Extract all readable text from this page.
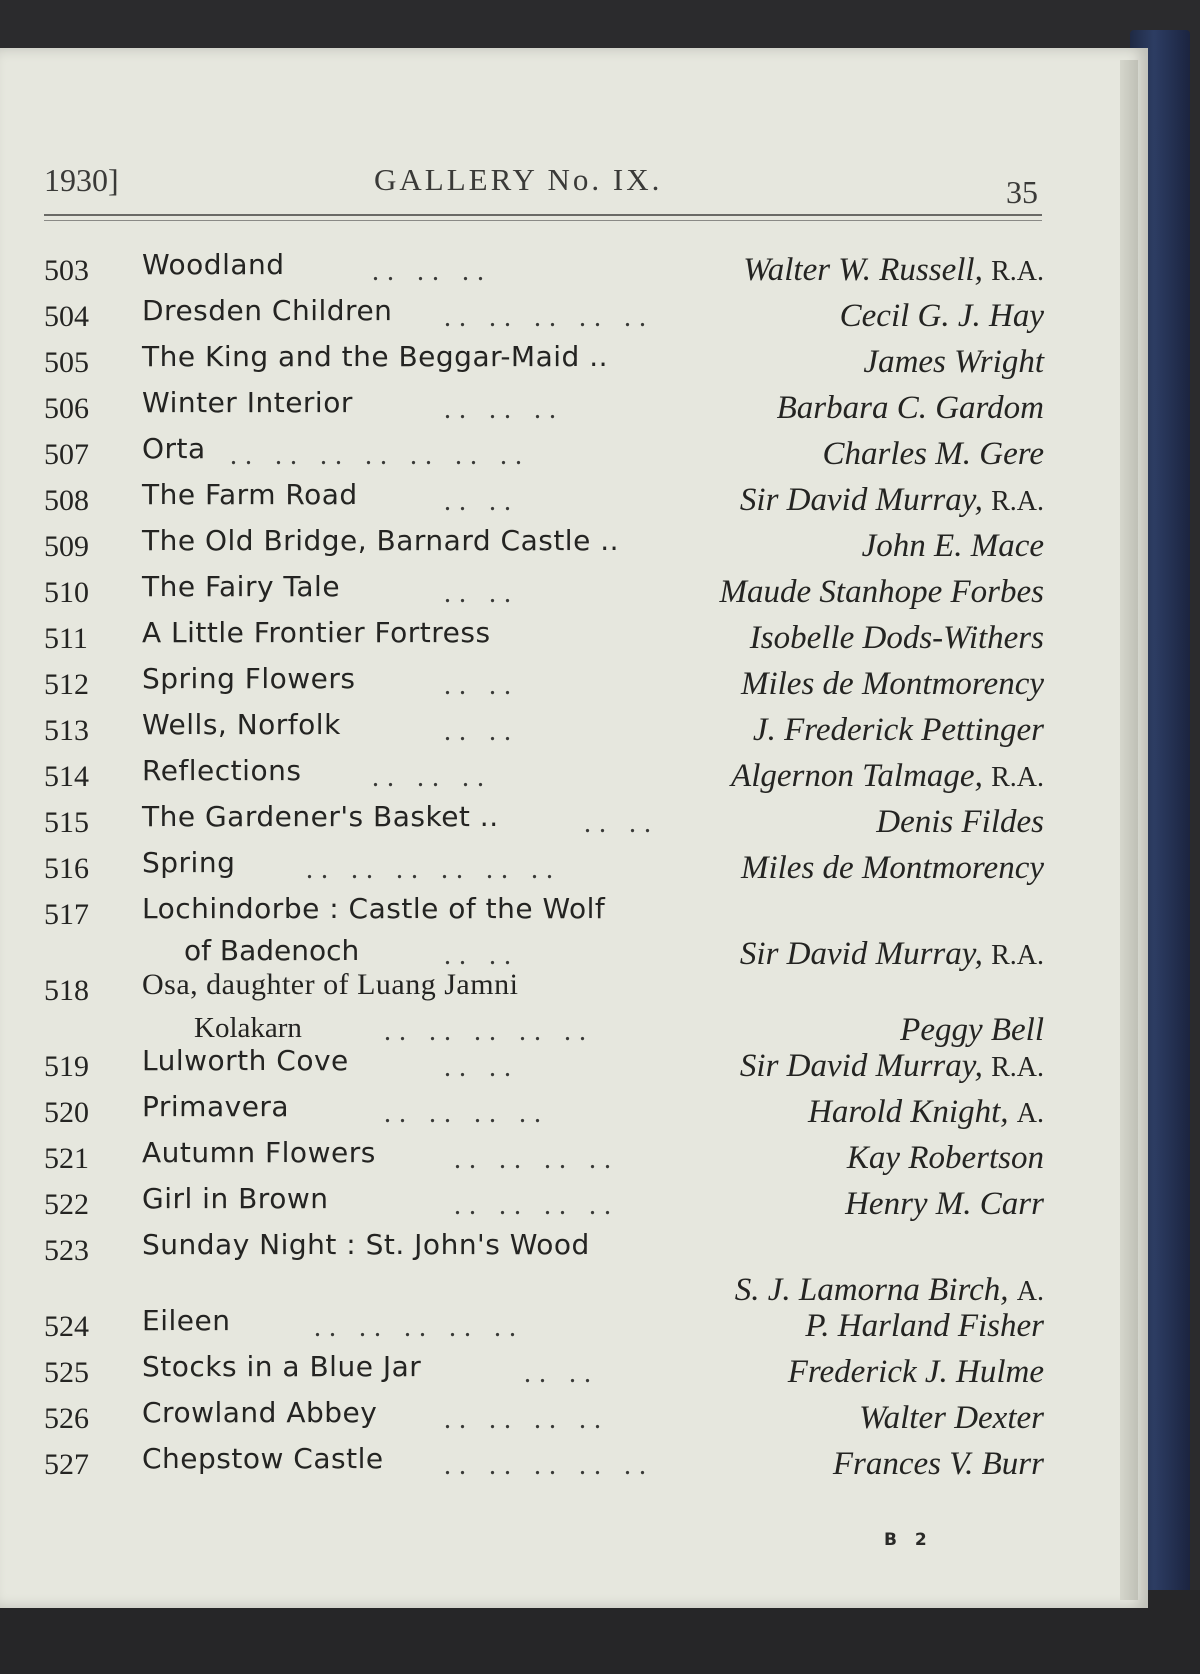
1930]	GALLERY No. IX.	35
503	Woodland	.. .. ..	Walter W. Russell, R.A.
504	Dresden Children	.. .. .. .. ..	Cecil G. J. Hay
505	The King and the Beggar-Maid ..	James Wright
506	Winter Interior	.. .. ..	Barbara C. Gardom
507	Orta .. .. .. .. .. .. ..	Charles M. Gere
508	The Farm Road	.. ..	Sir David Murray, R.A.
509	The Old Bridge, Barnard Castle ..	John E. Mace
510	The Fairy Tale	.. ..	Maude Stanhope Forbes
511	A Little Frontier Fortress	Isobelle Dods-Withers
512	Spring Flowers	.. ..	Miles de Montmorency
513	Wells, Norfolk	.. ..	J. Frederick Pettinger
514	Reflections	.. .. ..	Algernon Talmage, R.A.
515	The Gardener's Basket ..	.. ..	Denis Fildes
516	Spring	.. .. .. .. .. ..	Miles de Montmorency
517	Lochindorbe : Castle of the Wolf
of Badenoch	.. ..	Sir David Murray, R.A.
518	Osa, daughter of Luang Jamni
Kolakarn	.. .. .. .. ..	Peggy Bell
519	Lulworth Cove	.. ..	Sir David Murray, R.A.
520	Primavera	.. .. .. ..	Harold Knight, A.
521	Autumn Flowers	.. .. .. ..	Kay Robertson
522	Girl in Brown	.. .. .. ..	Henry M. Carr
523	Sunday Night : St. John's Wood
S. J. Lamorna Birch, A.
524	Eileen	.. .. .. .. ..	P. Harland Fisher
525	Stocks in a Blue Jar	.. ..	Frederick J. Hulme
526	Crowland Abbey	.. .. .. ..	Walter Dexter
527	Chepstow Castle	.. .. .. .. ..	Frances V. Burr
B 2
